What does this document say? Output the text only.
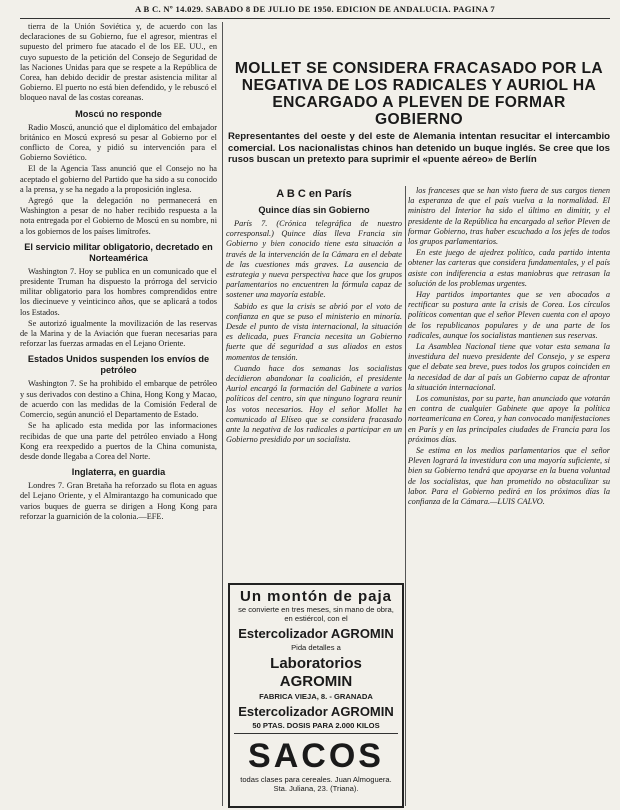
A B C. Nº 14.029. SABADO 8 DE JULIO DE 1950. EDICION DE ANDALUCIA. PAGINA 7

tierra de la Unión Soviética y, de acuerdo con las declaraciones de su Gobierno, fue el agresor, mientras el supuesto del primero fue atacado el de los EE. UU., en cuyo supuesto de la petición del Consejo de Seguridad de las Naciones Unidas para que se respete a la República de Corea, han debido decidir de prestar asistencia militar al Gobierno. El puerto no está bien defendido, y le rebuscó el bloqueo naval de las costas coreanas.

Moscú no responde

Radio Moscú, anunció que el diplomático del embajador británico en Moscú expresó su pesar al Gobierno por el conflicto de Corea, y pidió su intervención para el Gobierno Soviético.

El de la Agencia Tass anunció que el Consejo no ha aceptado el gobierno del Partido que ha sido a su conocido a la prensa, y se ha negado a la proposición inglesa.

Agregó que la delegación no permanecerá en Washington a pesar de no haber recibido respuesta a la nota entregada por el Gobierno de Moscú en su nombre, ni a los gobiernos de los países limítrofes.

El servicio militar obligatorio, decretado en Norteamérica

Washington 7. Hoy se publica en un comunicado que el presidente Truman ha dispuesto la prórroga del servicio militar obligatorio para los hombres comprendidos entre los diecinueve y veinticinco años, que se aplicará a todos los Estados.

Se autorizó igualmente la movilización de las reservas de la Marina y de la Aviación que fueran necesarias para reforzar las fuerzas armadas en el Lejano Oriente.

Estados Unidos suspenden los envíos de petróleo

Washington 7. Se ha prohibido el embarque de petróleo y sus derivados con destino a China, Hong Kong y Macao, de acuerdo con las medidas de la Comisión Federal de Comercio, según anunció el Departamento de Estado.

Se ha aplicado esta medida por las informaciones recibidas de que una parte del petróleo enviado a Hong Kong era reexpedido a puertos de la China comunista, desde donde llegaba a Corea del Norte.

Inglaterra, en guardia

Londres 7. Gran Bretaña ha reforzado su flota en aguas del Lejano Oriente, y el Almirantazgo ha comunicado que varios buques de guerra se dirigen a Hong Kong para reforzar la guarnición de la colonia.—EFE.

MOLLET SE CONSIDERA FRACASADO POR LA NEGATIVA DE LOS RADICALES Y AURIOL HA ENCARGADO A PLEVEN DE FORMAR GOBIERNO
Representantes del oeste y del este de Alemania intentan resucitar el intercambio comercial. Los nacionalistas chinos han detenido un buque inglés. Se cree que los rusos buscan un pretexto para suprimir el «puente aéreo» de Berlín
A B C en París
Quince días sin Gobierno

París 7. (Crónica telegráfica de nuestro corresponsal.) Quince días lleva Francia sin Gobierno y bien conocido tiene esta situación a través de la intervención de la Cámara en el debate de las cuestiones más graves. La ausencia de estrategia y nueva perspectiva hace que los grupos parlamentarios no encuentren la fórmula capaz de sostener una mayoría estable.

Sabido es que la crisis se abrió por el voto de confianza en que se puso el ministerio en minoría. Desde el punto de vista internacional, la situación es delicada, pues Francia necesita un Gobierno fuerte que dé seguridad a sus aliados en estos momentos de tensión.

Cuando hace dos semanas los socialistas decidieron abandonar la coalición, el presidente Auriol encargó la formación del Gabinete a varios políticos del centro, sin que ninguno lograra reunir los votos necesarios. Hoy el señor Mollet ha comunicado al Elíseo que se considera fracasado ante la negativa de los radicales a participar en un Gobierno presidido por un socialista.

los franceses que se han visto fuera de sus cargos tienen la esperanza de que el país vuelva a la normalidad. El ministro del Interior ha sido el último en dimitir, y el presidente de la República ha encargado al señor Pleven de formar Gobierno, tras haber escuchado a los jefes de todos los grupos parlamentarios.

En este juego de ajedrez político, cada partido intenta obtener las carteras que considera fundamentales, y el país asiste con indiferencia a estas maniobras que retrasan la solución de los problemas urgentes.

Hay partidos importantes que se ven abocados a rectificar su postura ante la crisis de Corea. Los círculos políticos comentan que el señor Pleven cuenta con el apoyo de los republicanos populares y de una parte de los radicales, aunque los socialistas mantienen sus reservas.

La Asamblea Nacional tiene que votar esta semana la investidura del nuevo presidente del Consejo, y se espera que el debate sea breve, pues todos los grupos coinciden en la necesidad de dar al país un Gobierno capaz de afrontar la situación internacional.

Los comunistas, por su parte, han anunciado que votarán en contra de cualquier Gabinete que apoye la política norteamericana en Corea, y han convocado manifestaciones en París y en las principales ciudades de Francia para los próximos días.

Se estima en los medios parlamentarios que el señor Pleven logrará la investidura con una mayoría suficiente, si bien su Gobierno tendrá que apoyarse en la buena voluntad de los socialistas, que han prometido no obstaculizar su labor. Para el Gobierno pedirá en los próximos días la confianza de la Cámara.—LUIS CALVO.

Un montón de paja
se convierte en tres meses, sin mano de obra, en estiércol, con el
Estercolizador AGROMIN
Pida detalles a
Laboratorios AGROMIN
FABRICA VIEJA, 8. - GRANADA
Estercolizador AGROMIN
50 PTAS. DOSIS PARA 2.000 KILOS
SACOS
todas clases para cereales. Juan Almoguera. Sta. Juliana, 23. (Triana).
